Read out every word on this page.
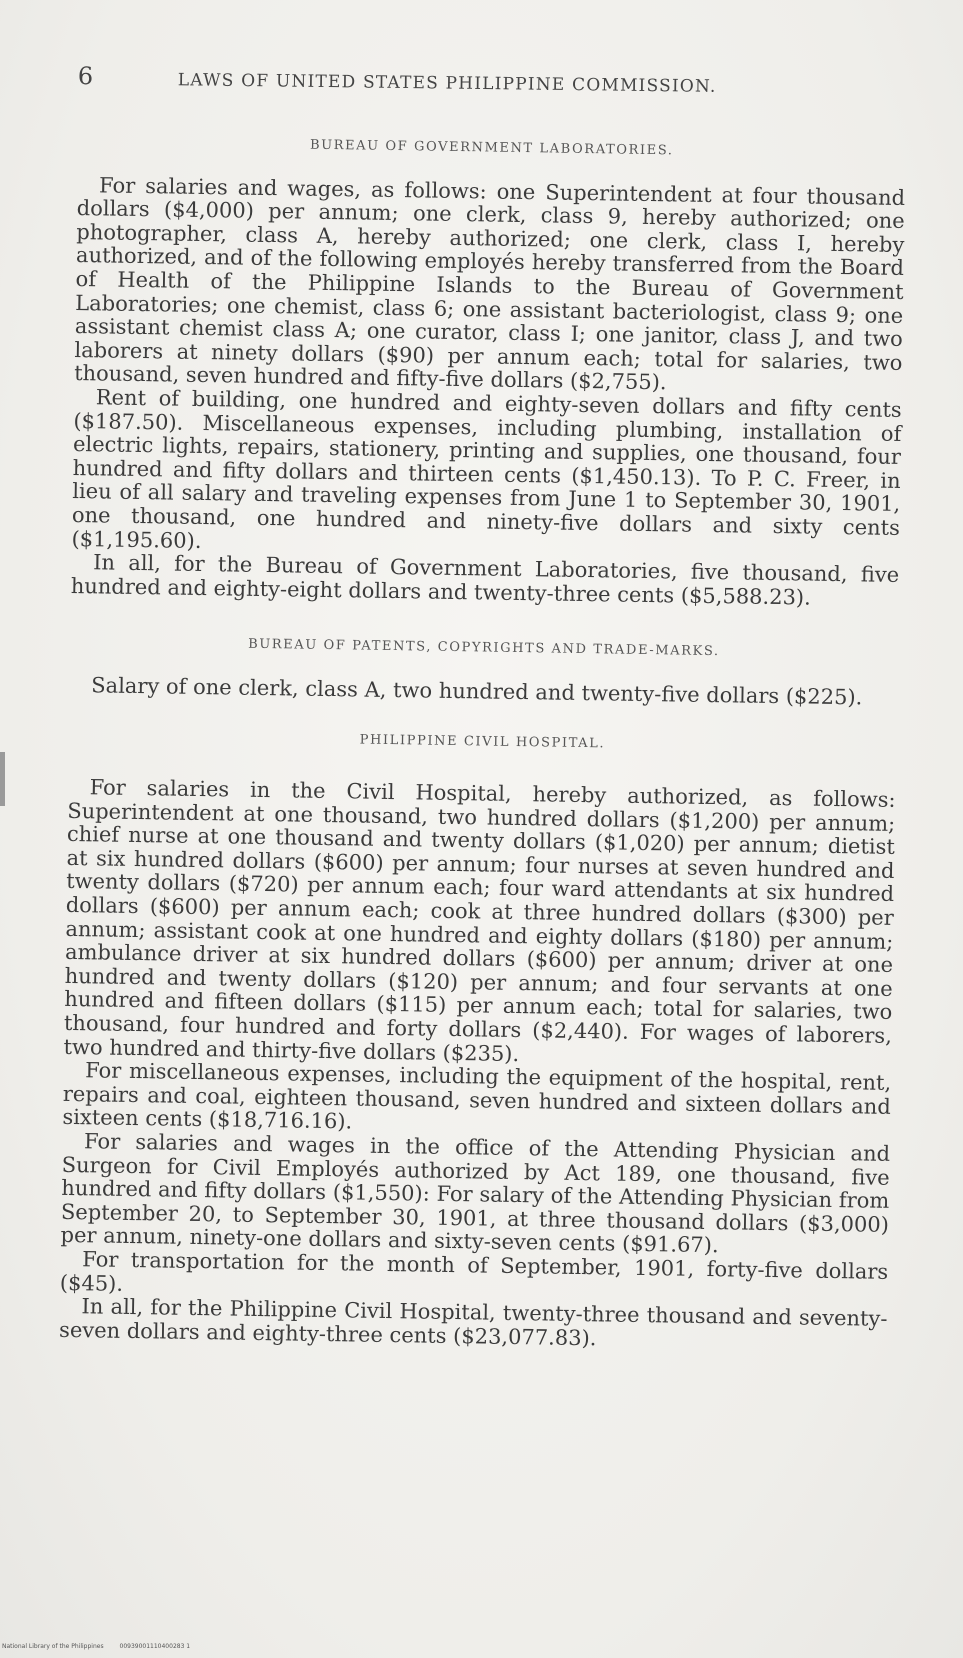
6	LAWS OF UNITED STATES PHILIPPINE COMMISSION.

BUREAU OF GOVERNMENT LABORATORIES.

For salaries and wages, as follows: one Superintendent at four thousand dollars ($4,000) per annum; one clerk, class 9, hereby authorized; one photographer, class A, hereby authorized; one clerk, class I, hereby authorized, and of the following employés hereby transferred from the Board of Health of the Philippine Islands to the Bureau of Government Laboratories; one chemist, class 6; one assistant bacteriologist, class 9; one assistant chemist class A; one curator, class I; one janitor, class J, and two laborers at ninety dollars ($90) per annum each; total for salaries, two thousand, seven hundred and fifty-five dollars ($2,755).

Rent of building, one hundred and eighty-seven dollars and fifty cents ($187.50). Miscellaneous expenses, including plumbing, installation of electric lights, repairs, stationery, printing and supplies, one thousand, four hundred and fifty dollars and thirteen cents ($1,450.13). To P. C. Freer, in lieu of all salary and traveling expenses from June 1 to September 30, 1901, one thousand, one hundred and ninety-five dollars and sixty cents ($1,195.60).

In all, for the Bureau of Government Laboratories, five thousand, five hundred and eighty-eight dollars and twenty-three cents ($5,588.23).

BUREAU OF PATENTS, COPYRIGHTS AND TRADE-MARKS.

Salary of one clerk, class A, two hundred and twenty-five dollars ($225).

PHILIPPINE CIVIL HOSPITAL.

For salaries in the Civil Hospital, hereby authorized, as follows: Superintendent at one thousand, two hundred dollars ($1,200) per annum; chief nurse at one thousand and twenty dollars ($1,020) per annum; dietist at six hundred dollars ($600) per annum; four nurses at seven hundred and twenty dollars ($720) per annum each; four ward attendants at six hundred dollars ($600) per annum each; cook at three hundred dollars ($300) per annum; assistant cook at one hundred and eighty dollars ($180) per annum; ambulance driver at six hundred dollars ($600) per annum; driver at one hundred and twenty dollars ($120) per annum; and four servants at one hundred and fifteen dollars ($115) per annum each; total for salaries, two thousand, four hundred and forty dollars ($2,440). For wages of laborers, two hundred and thirty-five dollars ($235).

For miscellaneous expenses, including the equipment of the hospital, rent, repairs and coal, eighteen thousand, seven hundred and sixteen dollars and sixteen cents ($18,716.16).

For salaries and wages in the office of the Attending Physician and Surgeon for Civil Employés authorized by Act 189, one thousand, five hundred and fifty dollars ($1,550): For salary of the Attending Physician from September 20, to September 30, 1901, at three thousand dollars ($3,000) per annum, ninety-one dollars and sixty-seven cents ($91.67).

For transportation for the month of September, 1901, forty-five dollars ($45).

In all, for the Philippine Civil Hospital, twenty-three thousand and seventy-seven dollars and eighty-three cents ($23,077.83).

National Library of the Philippines	00939001110400283 1
